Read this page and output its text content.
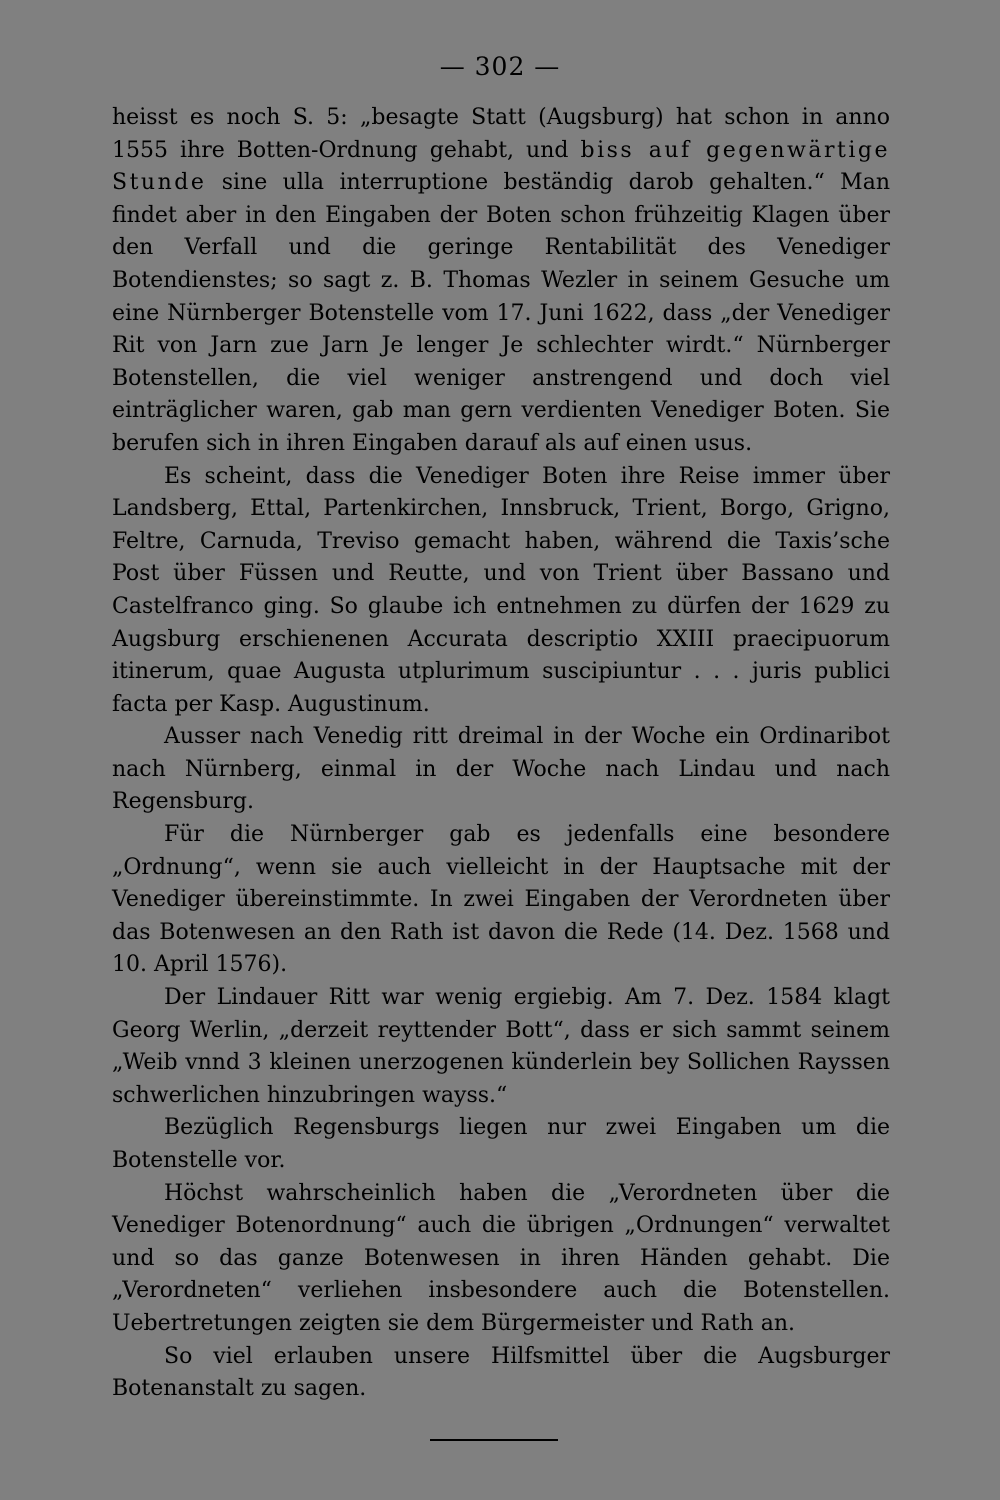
— 302 —

heisst es noch S. 5: „besagte Statt (Augsburg) hat schon in anno 1555 ihre Botten-Ordnung gehabt, und biss auf gegenwärtige Stunde sine ulla interruptione beständig darob gehalten.“ Man findet aber in den Eingaben der Boten schon frühzeitig Klagen über den Verfall und die geringe Rentabilität des Venediger Botendienstes; so sagt z. B. Thomas Wezler in seinem Gesuche um eine Nürnberger Botenstelle vom 17. Juni 1622, dass „der Venediger Rit von Jarn zue Jarn Je lenger Je schlechter wirdt.“ Nürnberger Botenstellen, die viel weniger anstrengend und doch viel einträglicher waren, gab man gern verdienten Venediger Boten. Sie berufen sich in ihren Eingaben darauf als auf einen usus.

Es scheint, dass die Venediger Boten ihre Reise immer über Landsberg, Ettal, Partenkirchen, Innsbruck, Trient, Borgo, Grigno, Feltre, Carnuda, Treviso gemacht haben, während die Taxis’sche Post über Füssen und Reutte, und von Trient über Bassano und Castelfranco ging. So glaube ich entnehmen zu dürfen der 1629 zu Augsburg erschienenen Accurata descriptio XXIII praecipuorum itinerum, quae Augusta utplurimum suscipiuntur . . . juris publici facta per Kasp. Augustinum.

Ausser nach Venedig ritt dreimal in der Woche ein Ordinaribot nach Nürnberg, einmal in der Woche nach Lindau und nach Regensburg.

Für die Nürnberger gab es jedenfalls eine besondere „Ordnung“, wenn sie auch vielleicht in der Hauptsache mit der Venediger übereinstimmte. In zwei Eingaben der Verordneten über das Botenwesen an den Rath ist davon die Rede (14. Dez. 1568 und 10. April 1576).

Der Lindauer Ritt war wenig ergiebig. Am 7. Dez. 1584 klagt Georg Werlin, „derzeit reyttender Bott“, dass er sich sammt seinem „Weib vnnd 3 kleinen unerzogenen künderlein bey Sollichen Rayssen schwerlichen hinzubringen wayss.“

Bezüglich Regensburgs liegen nur zwei Eingaben um die Botenstelle vor.

Höchst wahrscheinlich haben die „Verordneten über die Venediger Botenordnung“ auch die übrigen „Ordnungen“ verwaltet und so das ganze Botenwesen in ihren Händen gehabt. Die „Verordneten“ verliehen insbesondere auch die Botenstellen. Uebertretungen zeigten sie dem Bürgermeister und Rath an.

So viel erlauben unsere Hilfsmittel über die Augsburger Botenanstalt zu sagen.
